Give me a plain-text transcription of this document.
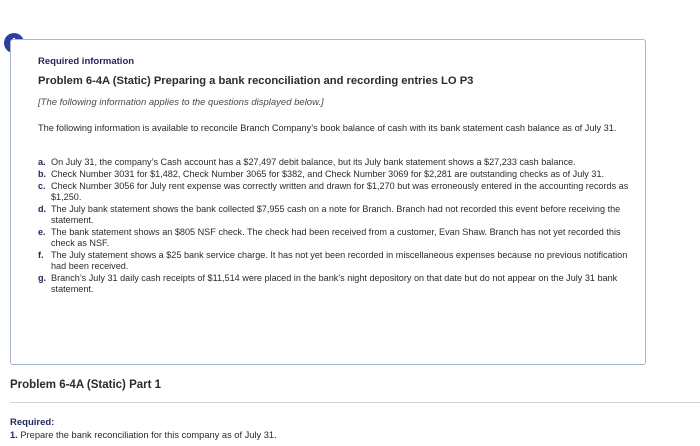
Required information
Problem 6-4A (Static) Preparing a bank reconciliation and recording entries LO P3
[The following information applies to the questions displayed below.]
The following information is available to reconcile Branch Company’s book balance of cash with its bank statement cash balance as of July 31.
a. On July 31, the company’s Cash account has a $27,497 debit balance, but its July bank statement shows a $27,233 cash balance.
b. Check Number 3031 for $1,482, Check Number 3065 for $382, and Check Number 3069 for $2,281 are outstanding checks as of July 31.
c. Check Number 3056 for July rent expense was correctly written and drawn for $1,270 but was erroneously entered in the accounting records as $1,250.
d. The July bank statement shows the bank collected $7,955 cash on a note for Branch. Branch had not recorded this event before receiving the statement.
e. The bank statement shows an $805 NSF check. The check had been received from a customer, Evan Shaw. Branch has not yet recorded this check as NSF.
f. The July statement shows a $25 bank service charge. It has not yet been recorded in miscellaneous expenses because no previous notification had been received.
g. Branch’s July 31 daily cash receipts of $11,514 were placed in the bank’s night depository on that date but do not appear on the July 31 bank statement.
Problem 6-4A (Static) Part 1
Required:
1. Prepare the bank reconciliation for this company as of July 31.
